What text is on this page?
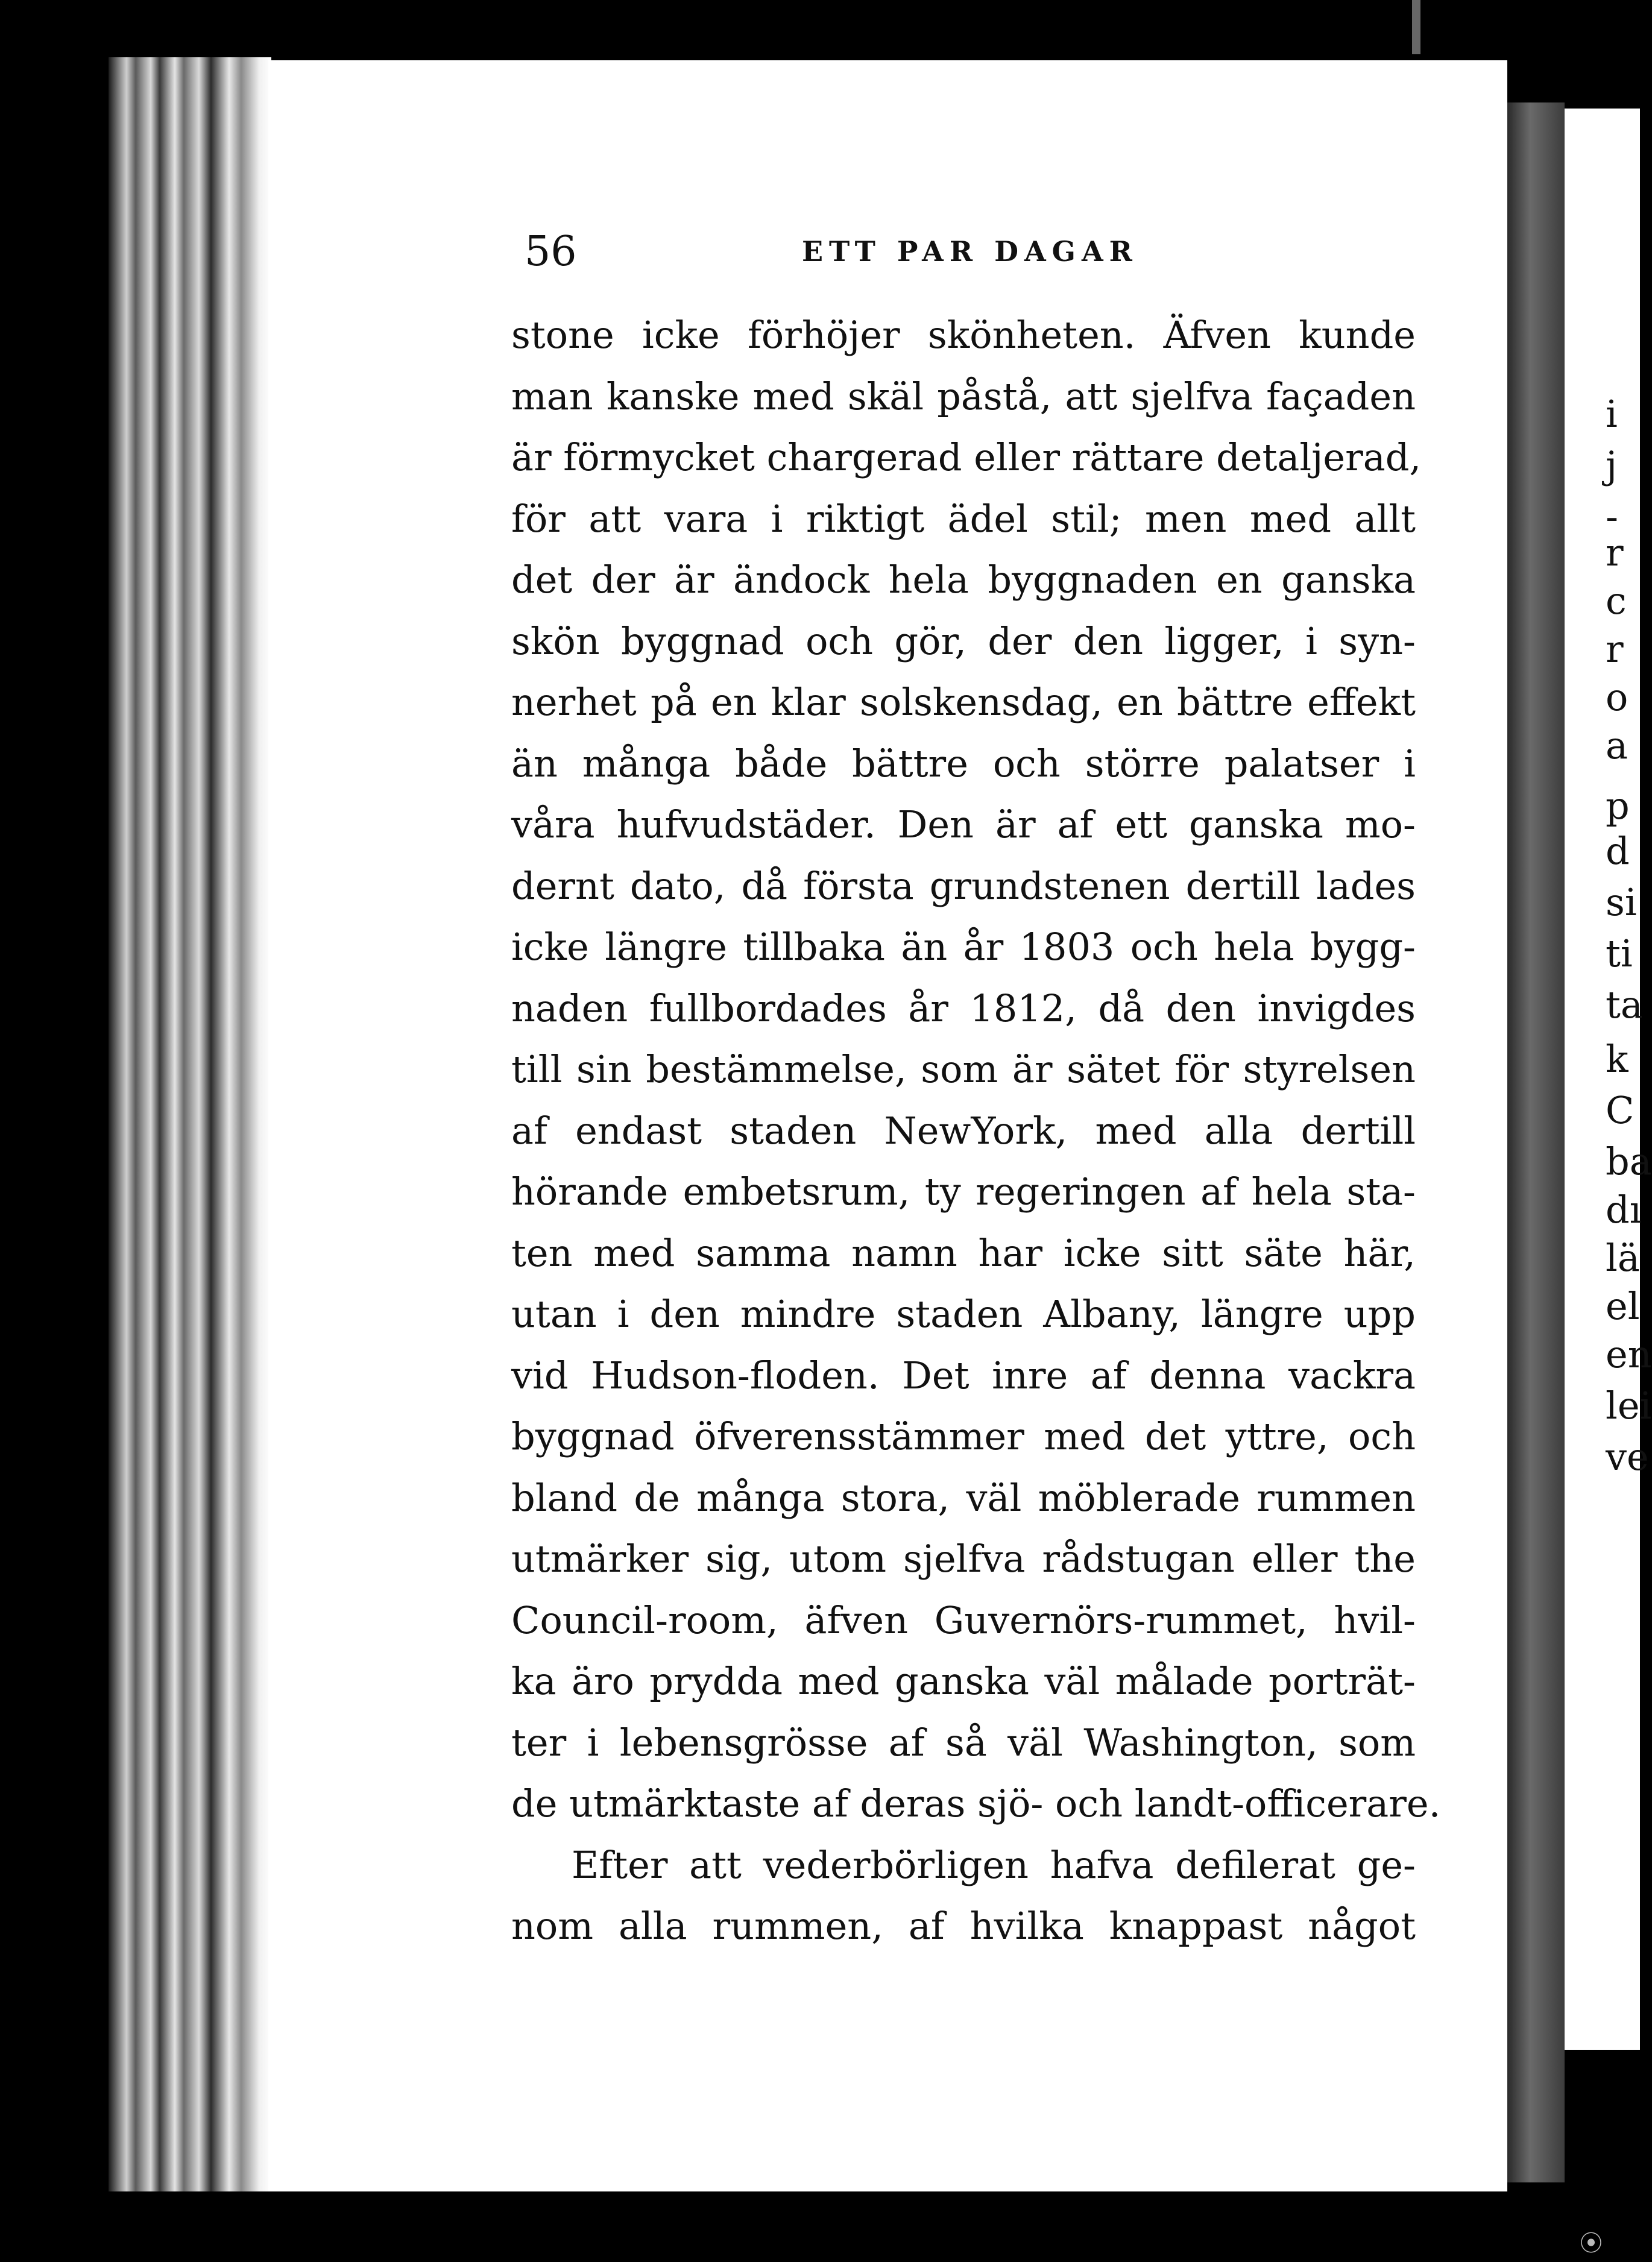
i
j
-
r
c
r
o
a
p
d
si
ti
ta
k
C
ba
dı
lä
el
en
lei
ve
56	ETT PAR DAGAR
stone icke förhöjer skönheten. Äfven kunde
man kanske med skäl påstå, att sjelfva façaden
är förmycket chargerad eller rättare detaljerad,
för att vara i riktigt ädel stil; men med allt
det der är ändock hela byggnaden en ganska
skön byggnad och gör, der den ligger, i syn-
nerhet på en klar solskensdag, en bättre effekt
än många både bättre och större palatser i
våra hufvudstäder. Den är af ett ganska mo-
dernt dato, då första grundstenen dertill lades
icke längre tillbaka än år 1803 och hela bygg-
naden fullbordades år 1812, då den invigdes
till sin bestämmelse, som är sätet för styrelsen
af endast staden NewYork, med alla dertill
hörande embetsrum, ty regeringen af hela sta-
ten med samma namn har icke sitt säte här,
utan i den mindre staden Albany, längre upp
vid Hudson-floden. Det inre af denna vackra
byggnad öfverensstämmer med det yttre, och
bland de många stora, väl möblerade rummen
utmärker sig, utom sjelfva rådstugan eller the
Council-room, äfven Guvernörs-rummet, hvil-
ka äro prydda med ganska väl målade porträt-
ter i lebensgrösse af så väl Washington, som
de utmärktaste af deras sjö- och landt-officerare.
Efter att vederbörligen hafva defilerat ge-
nom alla rummen, af hvilka knappast något
⦿
